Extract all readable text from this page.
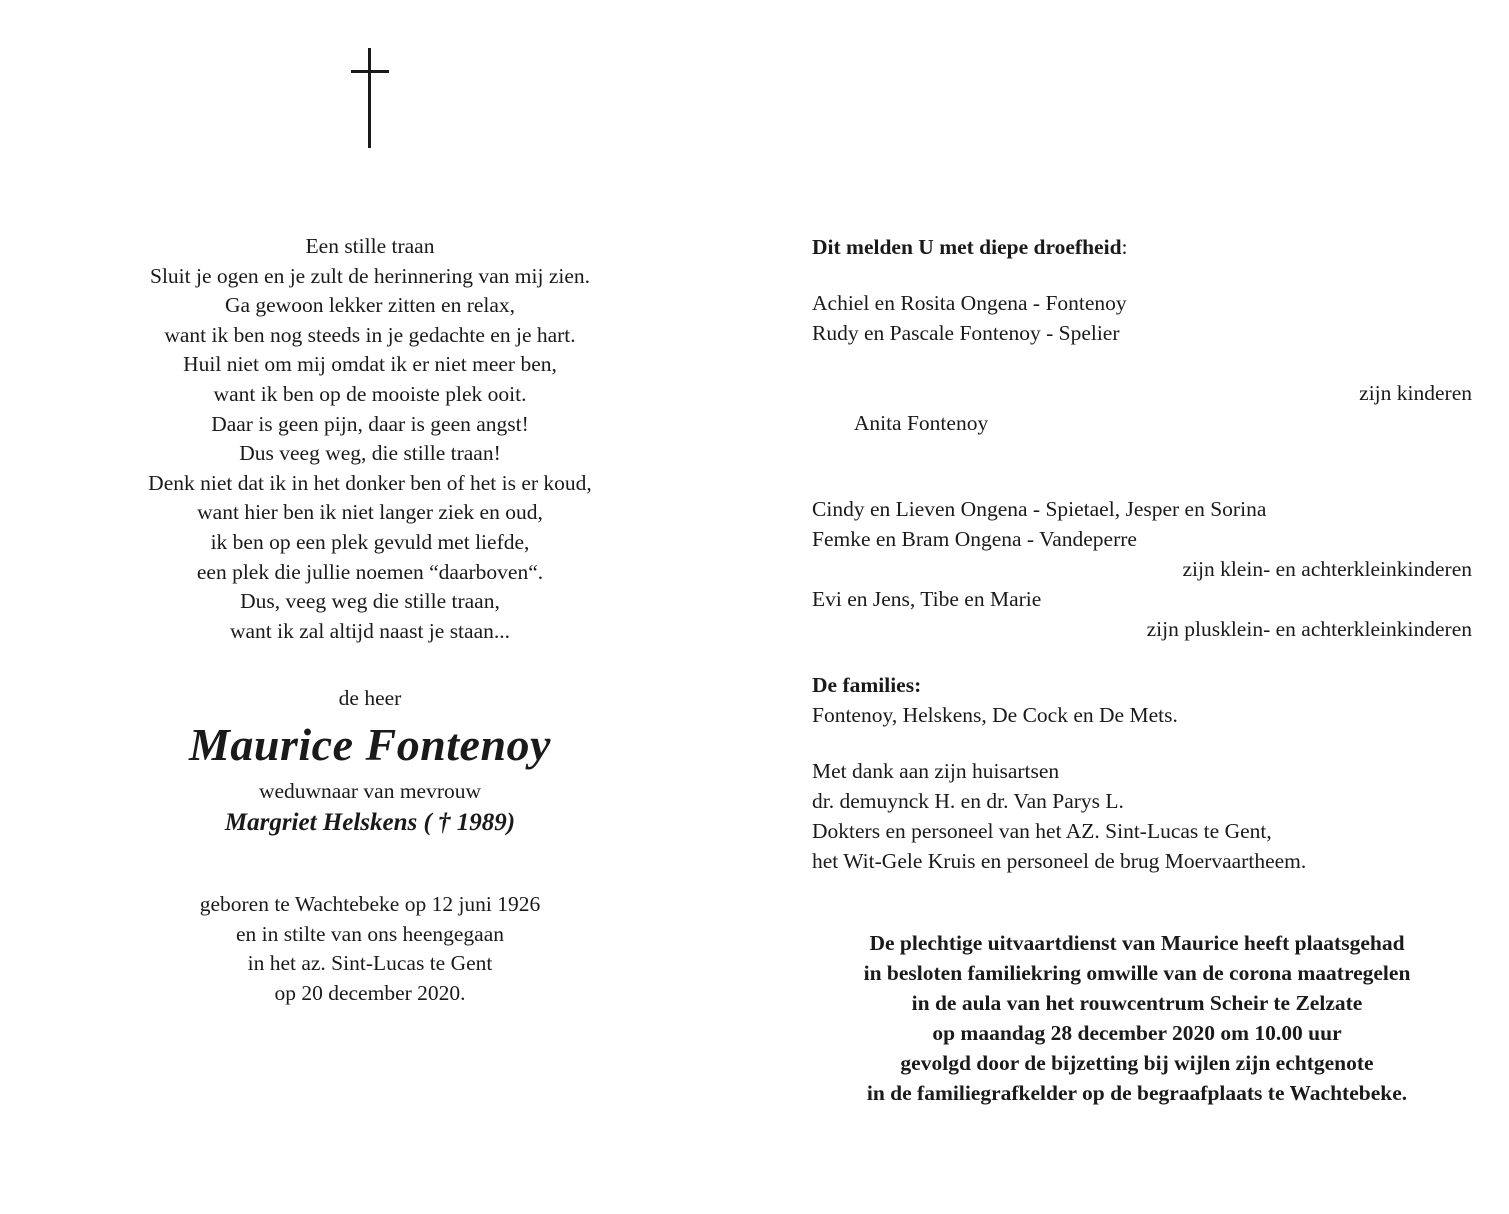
Een stille traan
Sluit je ogen en je zult de herinnering van mij zien.
Ga gewoon lekker zitten en relax,
want ik ben nog steeds in je gedachte en je hart.
Huil niet om mij omdat ik er niet meer ben,
want ik ben op de mooiste plek ooit.
Daar is geen pijn, daar is geen angst!
Dus veeg weg, die stille traan!
Denk niet dat ik in het donker ben of het is er koud,
want hier ben ik niet langer ziek en oud,
ik ben op een plek gevuld met liefde,
een plek die jullie noemen “daarboven“.
Dus, veeg weg die stille traan,
want ik zal altijd naast je staan...
de heer
Maurice Fontenoy
weduwnaar van mevrouw
Margriet Helskens ( † 1989)
geboren te Wachtebeke op 12 juni 1926
en in stilte van ons heengegaan
in het az. Sint-Lucas te Gent
op 20 december 2020.
Dit melden U met diepe droefheid:
Achiel en Rosita Ongena - Fontenoy
Rudy en Pascale Fontenoy - Spelier

zijn kinderen

Anita Fontenoy

Cindy en Lieven Ongena - Spietael, Jesper en Sorina
Femke en Bram Ongena - Vandeperre
zijn klein- en achterkleinkinderen
Evi en Jens, Tibe en Marie
zijn plusklein- en achterkleinkinderen
De families:
Fontenoy, Helskens, De Cock en De Mets.
Met dank aan zijn huisartsen
dr. demuynck H. en dr. Van Parys L.
Dokters en personeel van het AZ. Sint-Lucas te Gent,
het Wit-Gele Kruis en personeel de brug Moervaartheem.
De plechtige uitvaartdienst van Maurice heeft plaatsgehad
in besloten familiekring omwille van de corona maatregelen
in de aula van het rouwcentrum Scheir te Zelzate
op maandag 28 december 2020 om 10.00 uur
gevolgd door de bijzetting bij wijlen zijn echtgenote
in de familiegrafkelder op de begraafplaats te Wachtebeke.
